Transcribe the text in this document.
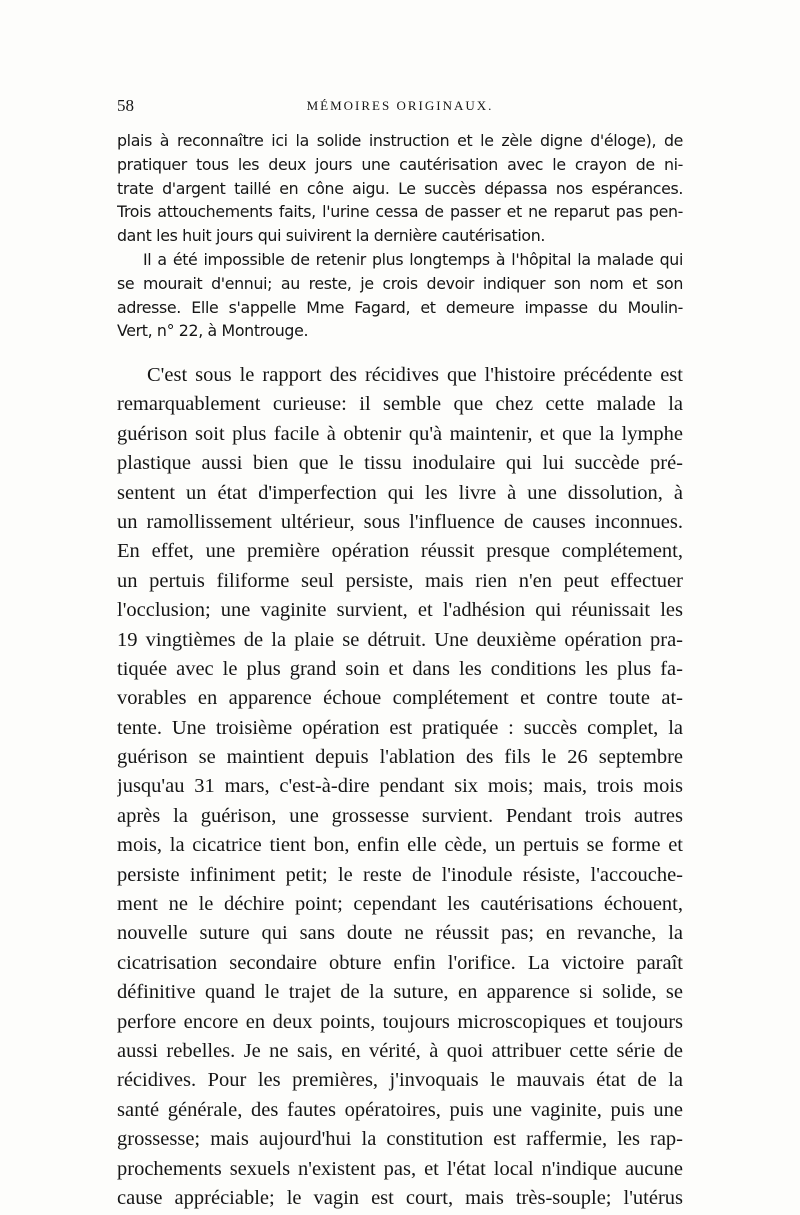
58	MÉMOIRES ORIGINAUX.
plais à reconnaître ici la solide instruction et le zèle digne d'éloge), de
pratiquer tous les deux jours une cautérisation avec le crayon de ni-
trate d'argent taillé en cône aigu. Le succès dépassa nos espérances.
Trois attouchements faits, l'urine cessa de passer et ne reparut pas pen-
dant les huit jours qui suivirent la dernière cautérisation.
Il a été impossible de retenir plus longtemps à l'hôpital la malade qui
se mourait d'ennui; au reste, je crois devoir indiquer son nom et son
adresse. Elle s'appelle Mme Fagard, et demeure impasse du Moulin-
Vert, n° 22, à Montrouge.
C'est sous le rapport des récidives que l'histoire précédente est
remarquablement curieuse: il semble que chez cette malade la
guérison soit plus facile à obtenir qu'à maintenir, et que la lymphe
plastique aussi bien que le tissu inodulaire qui lui succède pré-
sentent un état d'imperfection qui les livre à une dissolution, à
un ramollissement ultérieur, sous l'influence de causes inconnues.
En effet, une première opération réussit presque complétement,
un pertuis filiforme seul persiste, mais rien n'en peut effectuer
l'occlusion; une vaginite survient, et l'adhésion qui réunissait les
19 vingtièmes de la plaie se détruit. Une deuxième opération pra-
tiquée avec le plus grand soin et dans les conditions les plus fa-
vorables en apparence échoue complétement et contre toute at-
tente. Une troisième opération est pratiquée : succès complet, la
guérison se maintient depuis l'ablation des fils le 26 septembre
jusqu'au 31 mars, c'est-à-dire pendant six mois; mais, trois mois
après la guérison, une grossesse survient. Pendant trois autres
mois, la cicatrice tient bon, enfin elle cède, un pertuis se forme et
persiste infiniment petit; le reste de l'inodule résiste, l'accouche-
ment ne le déchire point; cependant les cautérisations échouent,
nouvelle suture qui sans doute ne réussit pas; en revanche, la
cicatrisation secondaire obture enfin l'orifice. La victoire paraît
définitive quand le trajet de la suture, en apparence si solide, se
perfore encore en deux points, toujours microscopiques et toujours
aussi rebelles. Je ne sais, en vérité, à quoi attribuer cette série de
récidives. Pour les premières, j'invoquais le mauvais état de la
santé générale, des fautes opératoires, puis une vaginite, puis une
grossesse; mais aujourd'hui la constitution est raffermie, les rap-
prochements sexuels n'existent pas, et l'état local n'indique aucune
cause appréciable; le vagin est court, mais très-souple; l'utérus
